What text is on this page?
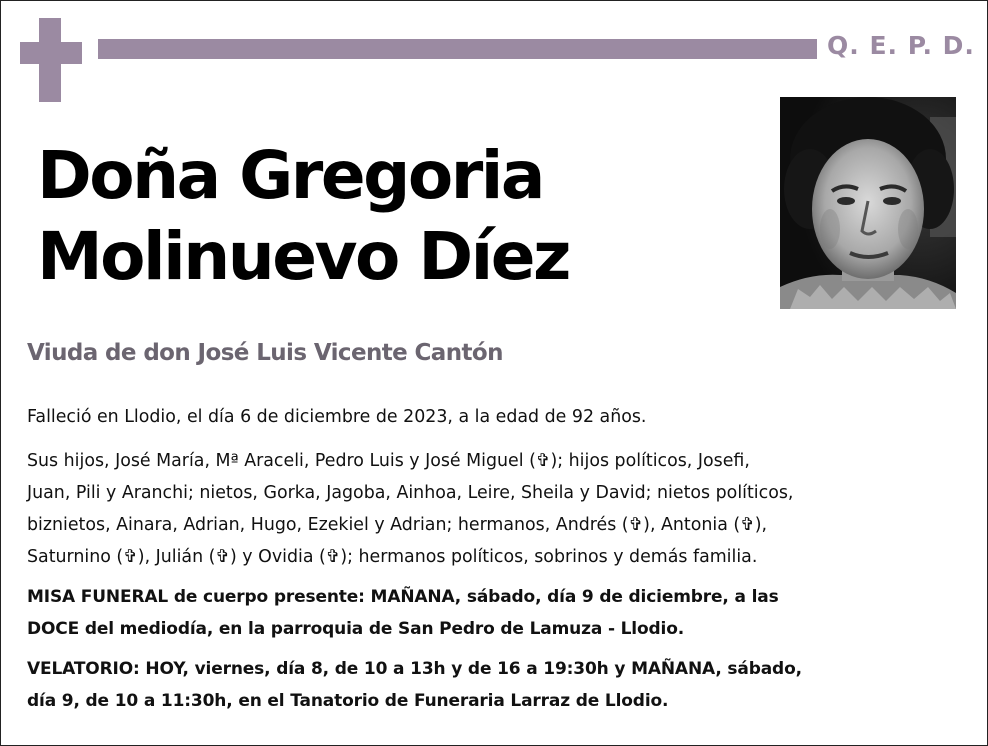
Q. E. P. D.
Doña Gregoria
Molinuevo Díez
Viuda de don José Luis Vicente Cantón

Falleció en Llodio, el día 6 de diciembre de 2023, a la edad de 92 años.

Sus hijos, José María, Mª Araceli, Pedro Luis y José Miguel (✞); hijos políticos, Josefi,
Juan, Pili y Aranchi; nietos, Gorka, Jagoba, Ainhoa, Leire, Sheila y David; nietos políticos,
biznietos, Ainara, Adrian, Hugo, Ezekiel y Adrian; hermanos, Andrés (✞), Antonia (✞),
Saturnino (✞), Julián (✞) y Ovidia (✞); hermanos políticos, sobrinos y demás familia.

MISA FUNERAL de cuerpo presente: MAÑANA, sábado, día 9 de diciembre, a las
DOCE del mediodía, en la parroquia de San Pedro de Lamuza - Llodio.

VELATORIO: HOY, viernes, día 8, de 10 a 13h y de 16 a 19:30h y MAÑANA, sábado,
día 9, de 10 a 11:30h, en el Tanatorio de Funeraria Larraz de Llodio.
